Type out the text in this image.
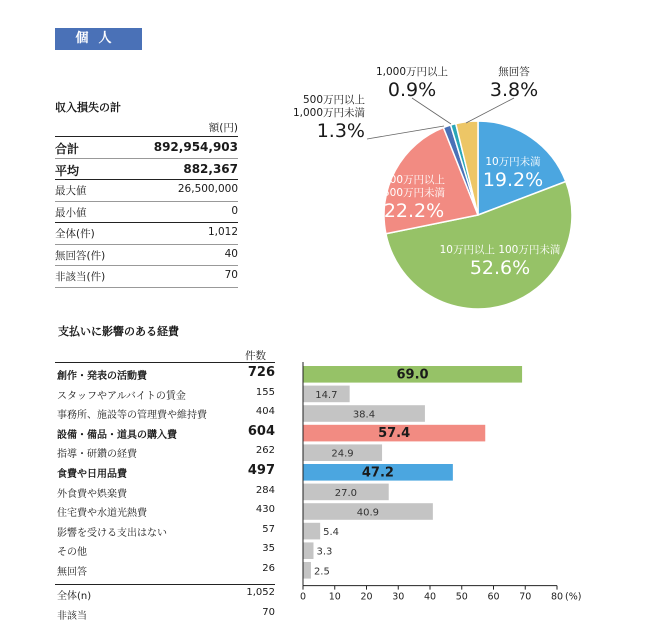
個人
収入損失の計
額(円)
合計	892,954,903
平均	882,367
最大値	26,500,000
最小値	0
全体(件)	1,012
無回答(件)	40
非該当(件)	70
10万円未満
19.2%
10万円以上 100万円未満
52.6%
100万円以上
500万円未満
22.2%
500万円以上
1,000万円未満
1.3%
1,000万円以上
0.9%
無回答
3.8%
支払いに影響のある経費
件数
創作・発表の活動費	726
スタッフやアルバイトの賃金	155
事務所、施設等の管理費や維持費	404
設備・備品・道具の購入費	604
指導・研鑽の経費	262
食費や日用品費	497
外食費や娯楽費	284
住宅費や水道光熱費	430
影響を受ける支出はない	57
その他	35
無回答	26
69.0
14.7
38.4
57.4
24.9
47.2
27.0
40.9
5.4
3.3
2.5
0 10 20 30 40 50 60 70 80 (%)
全体(n)	1,052
非該当	70
